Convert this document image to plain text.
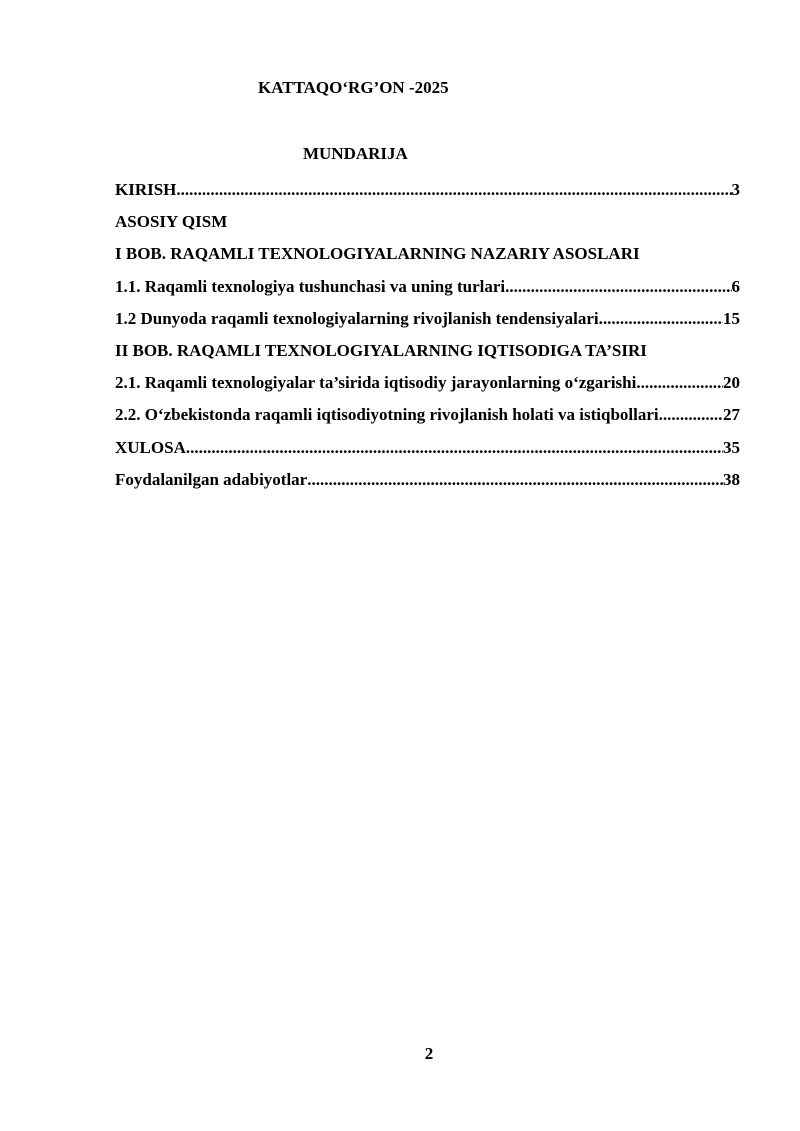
KATTAQO‘RG’ON -2025
MUNDARIJA
KIRISH .....	3
ASOSIY QISM
I BOB. RAQAMLI TEXNOLOGIYALARNING NAZARIY ASOSLARI
1.1. Raqamli texnologiya tushunchasi va uning turlari .....	6
1.2 Dunyoda raqamli texnologiyalarning rivojlanish tendensiyalari .....	15
II BOB. RAQAMLI TEXNOLOGIYALARNING IQTISODIGA TA’SIRI
2.1. Raqamli texnologiyalar ta’sirida iqtisodiy jarayonlarning o‘zgarishi .....	20
2.2. O‘zbekistonda raqamli iqtisodiyotning rivojlanish holati va istiqbollari. .....	27
XULOSA .....	35
Foydalanilgan adabiyotlar .....	38
2
